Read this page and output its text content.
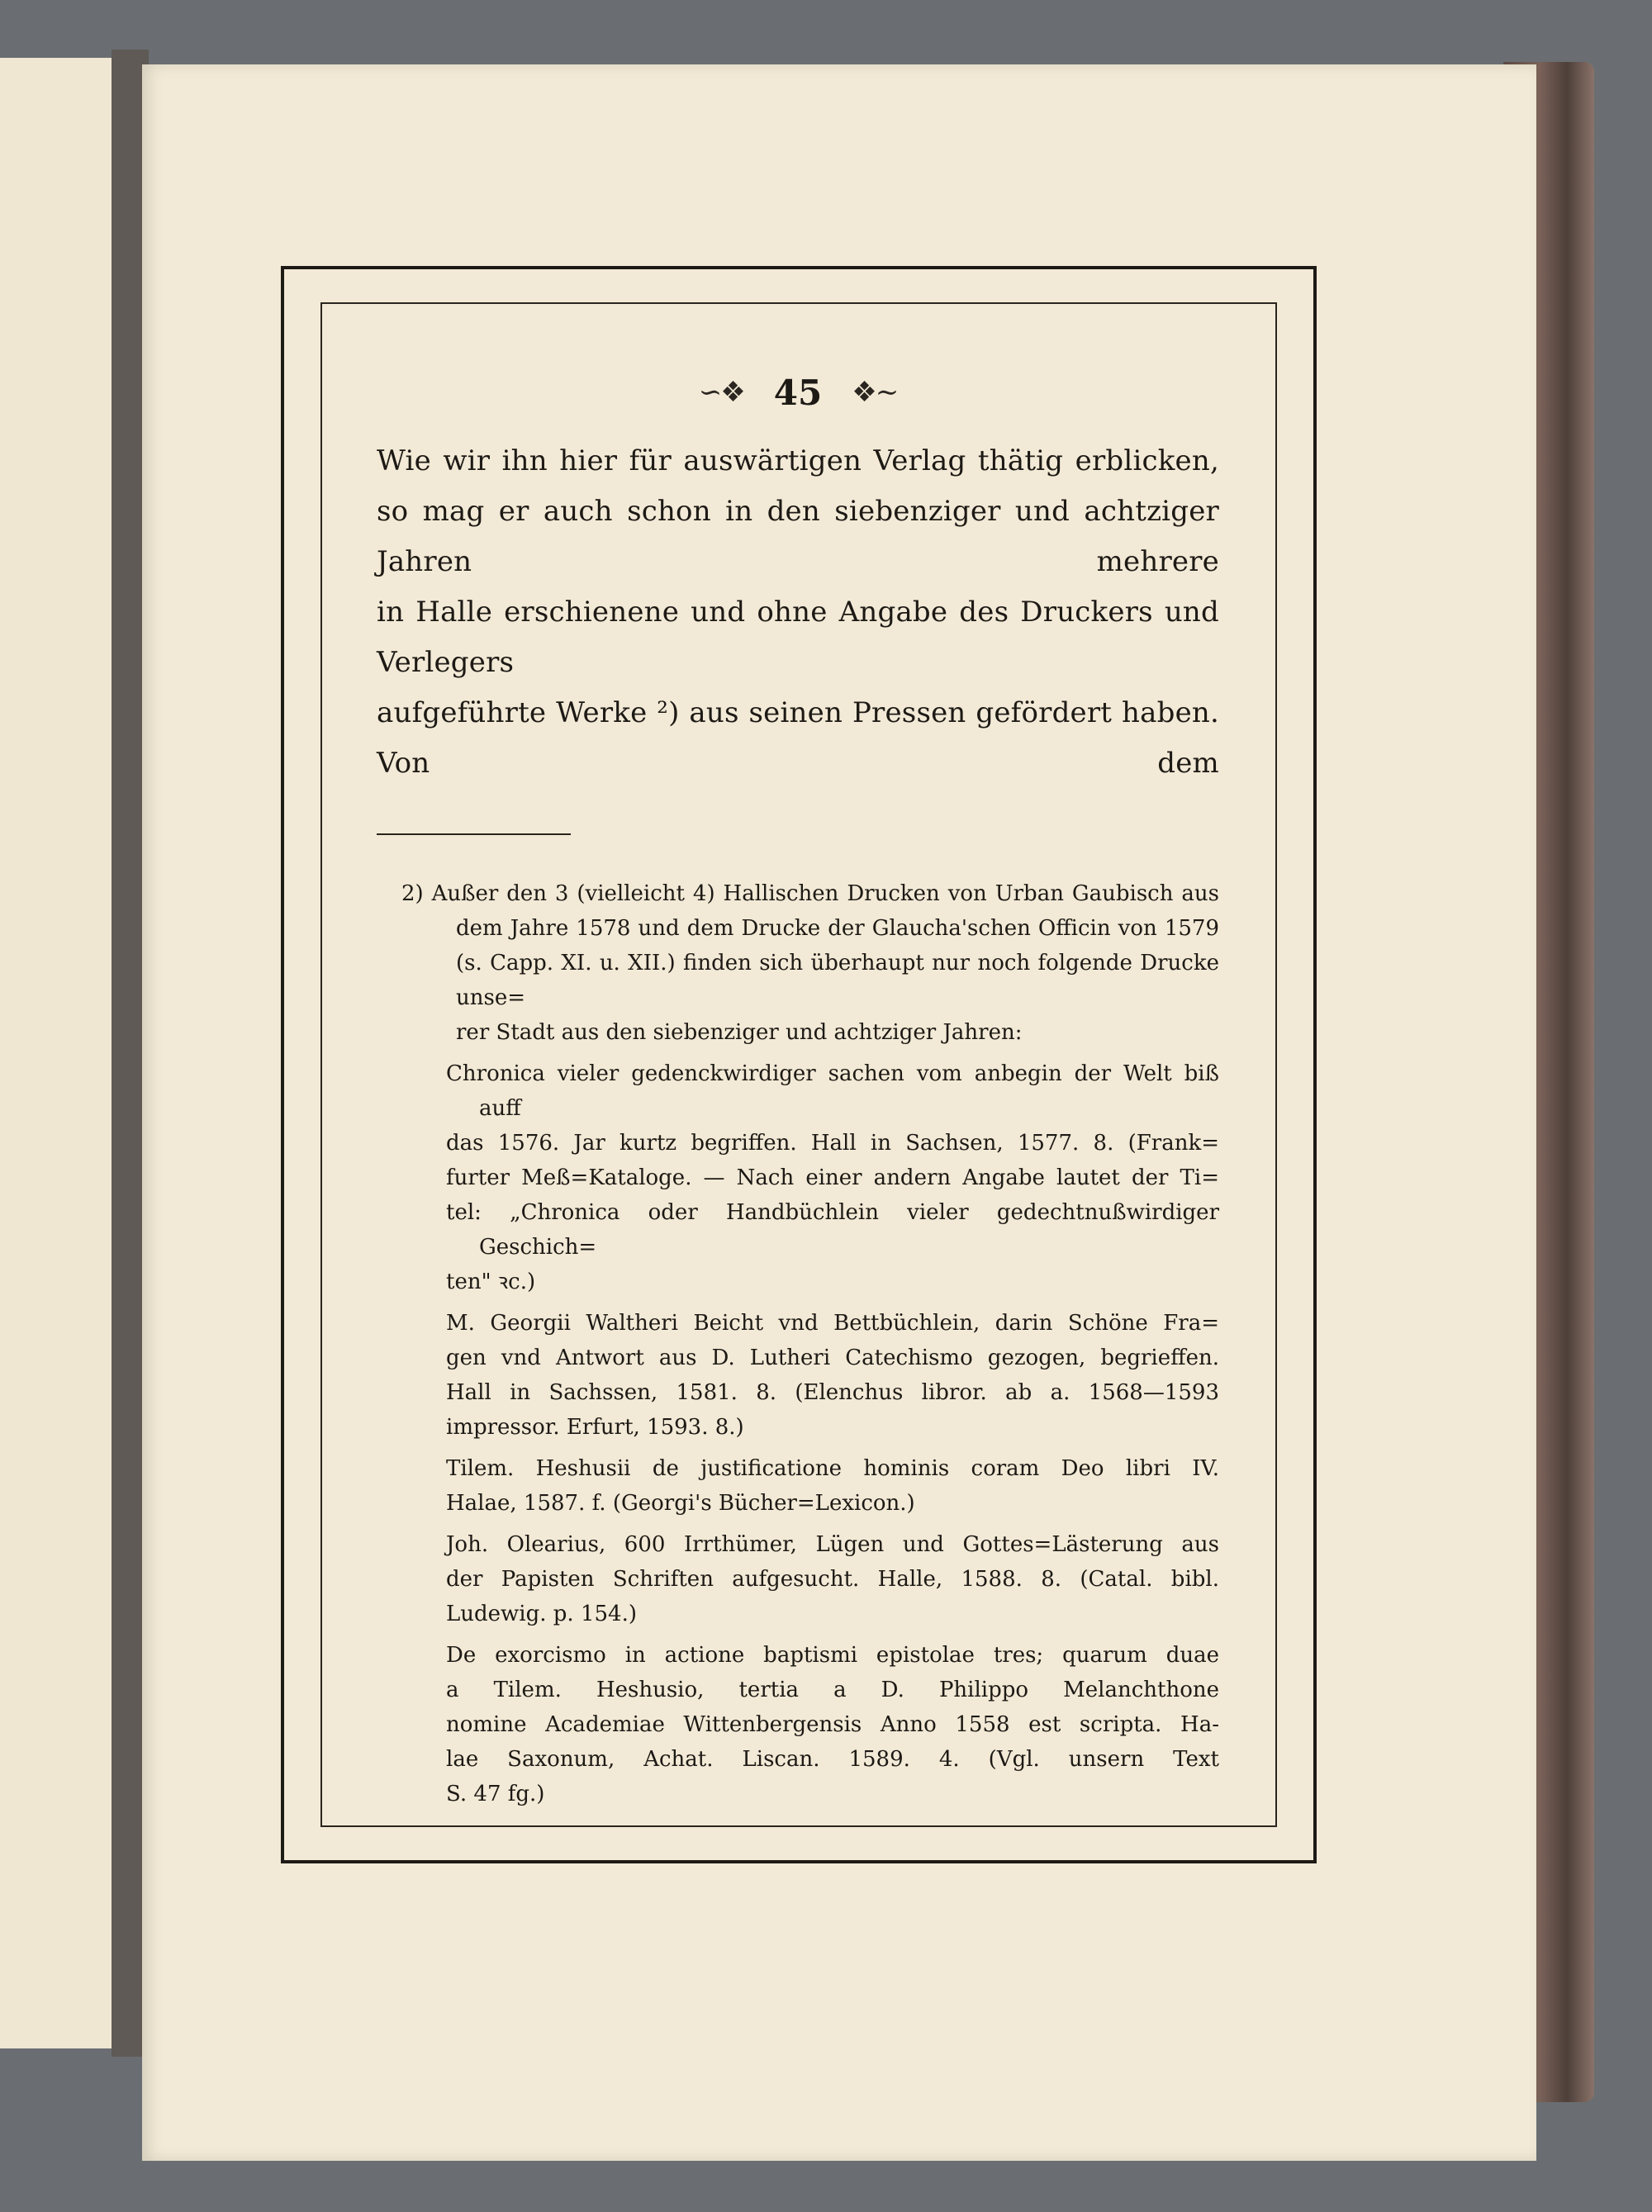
∽❖ 45 ❖∼
Wie wir ihn hier für auswärtigen Verlag thätig erblicken,
so mag er auch schon in den siebenziger und achtziger Jahren mehrere
in Halle erschienene und ohne Angabe des Druckers und Verlegers
aufgeführte Werke ²) aus seinen Pressen gefördert haben. Von dem
2) Außer den 3 (vielleicht 4) Hallischen Drucken von Urban Gaubisch aus
dem Jahre 1578 und dem Drucke der Glaucha'schen Officin von 1579
(s. Capp. XI. u. XII.) finden sich überhaupt nur noch folgende Drucke unse=
rer Stadt aus den siebenziger und achtziger Jahren:
Chronica vieler gedenckwirdiger sachen vom anbegin der Welt biß auff
das 1576. Jar kurtz begriffen. Hall in Sachsen, 1577. 8. (Frank=
furter Meß=Kataloge. — Nach einer andern Angabe lautet der Ti=
tel: „Chronica oder Handbüchlein vieler gedechtnußwirdiger Geschich=
ten" ꝛc.)
M. Georgii Waltheri Beicht vnd Bettbüchlein, darin Schöne Fra=
gen vnd Antwort aus D. Lutheri Catechismo gezogen, begrieffen.
Hall in Sachssen, 1581. 8. (Elenchus libror. ab a. 1568—1593
impressor. Erfurt, 1593. 8.)
Tilem. Heshusii de justificatione hominis coram Deo libri IV.
Halae, 1587. f. (Georgi's Bücher=Lexicon.)
Joh. Olearius, 600 Irrthümer, Lügen und Gottes=Lästerung aus
der Papisten Schriften aufgesucht. Halle, 1588. 8. (Catal. bibl.
Ludewig. p. 154.)
De exorcismo in actione baptismi epistolae tres; quarum duae
a Tilem. Heshusio, tertia a D. Philippo Melanchthone
nomine Academiae Wittenbergensis Anno 1558 est scripta. Ha-
lae Saxonum, Achat. Liscan. 1589. 4. (Vgl. unsern Text
S. 47 fg.)
